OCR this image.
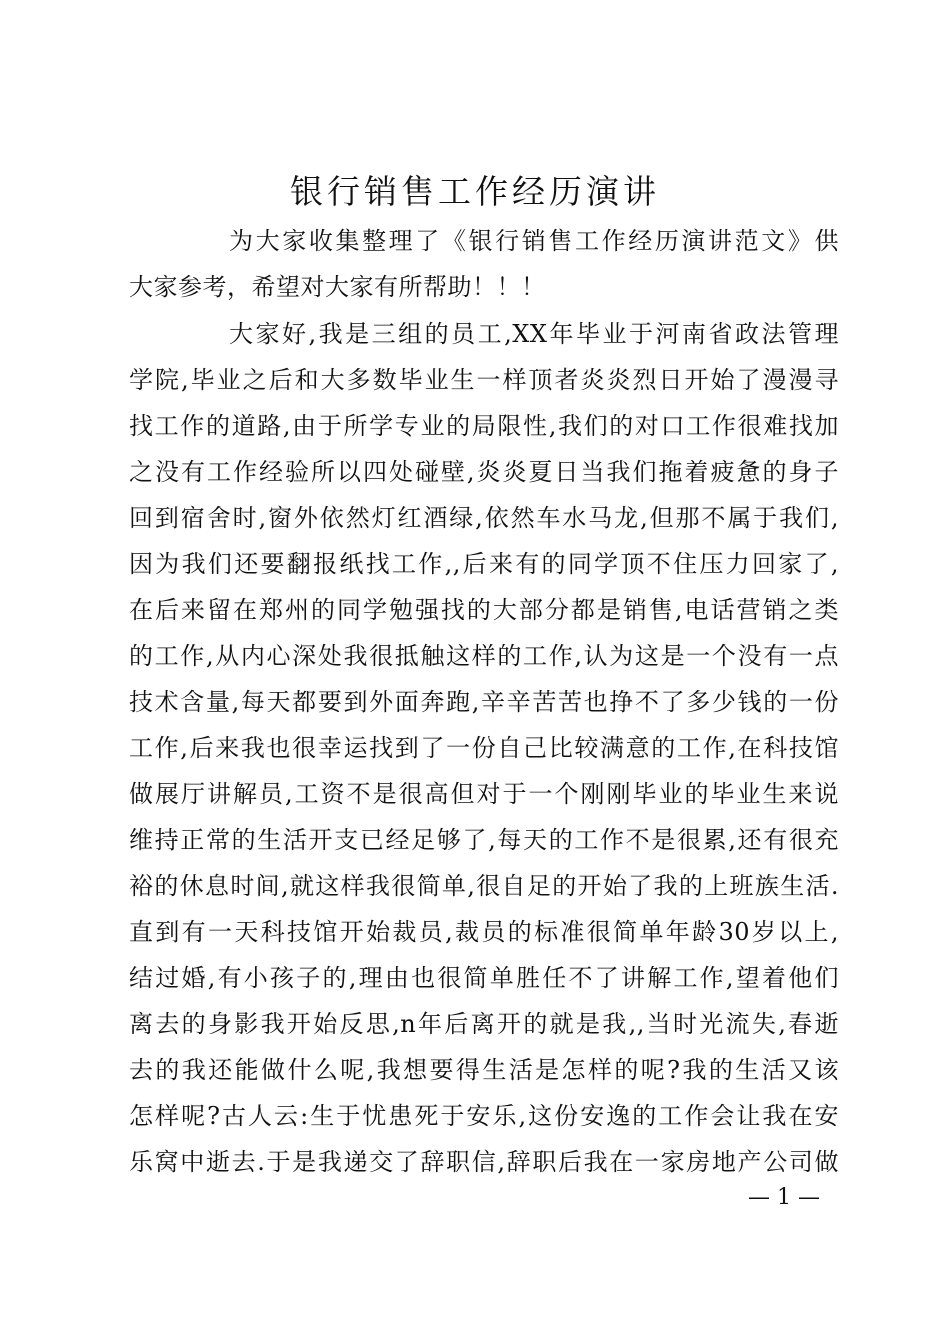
银行销售工作经历演讲
为大家收集整理了《银行销售工作经历演讲范文》供
大家参考，希望对大家有所帮助！！！
大家好,我是三组的员工,XX年毕业于河南省政法管理
学院,毕业之后和大多数毕业生一样顶者炎炎烈日开始了漫漫寻
找工作的道路,由于所学专业的局限性,我们的对口工作很难找加
之没有工作经验所以四处碰壁,炎炎夏日当我们拖着疲惫的身子
回到宿舍时,窗外依然灯红酒绿,依然车水马龙,但那不属于我们,
因为我们还要翻报纸找工作,,后来有的同学顶不住压力回家了,
在后来留在郑州的同学勉强找的大部分都是销售,电话营销之类
的工作,从内心深处我很抵触这样的工作,认为这是一个没有一点
技术含量,每天都要到外面奔跑,辛辛苦苦也挣不了多少钱的一份
工作,后来我也很幸运找到了一份自己比较满意的工作,在科技馆
做展厅讲解员,工资不是很高但对于一个刚刚毕业的毕业生来说
维持正常的生活开支已经足够了,每天的工作不是很累,还有很充
裕的休息时间,就这样我很简单,很自足的开始了我的上班族生活.
直到有一天科技馆开始裁员,裁员的标准很简单年龄30岁以上,
结过婚,有小孩子的,理由也很简单胜任不了讲解工作,望着他们
离去的身影我开始反思,n年后离开的就是我,,当时光流失,春逝
去的我还能做什么呢,我想要得生活是怎样的呢?我的生活又该
怎样呢?古人云:生于忧患死于安乐,这份安逸的工作会让我在安
乐窝中逝去.于是我递交了辞职信,辞职后我在一家房地产公司做
— 1 —
